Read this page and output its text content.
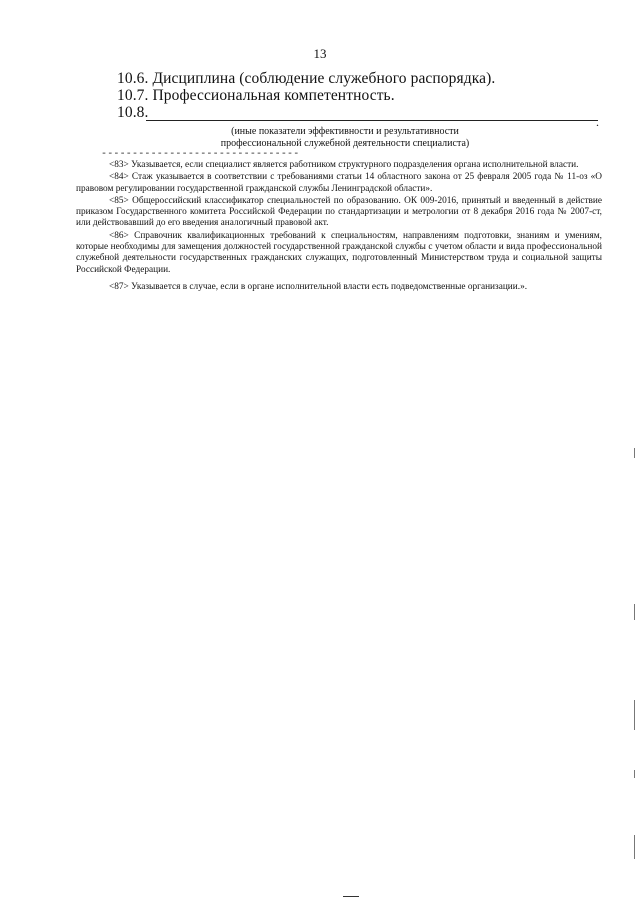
13
10.6. Дисциплина (соблюдение служебного распорядка).
10.7. Профессиональная компетентность.
10.8.
.
(иные показатели эффективности и результативности
профессиональной служебной деятельности специалиста)
--------------------------------

<83> Указывается, если специалист является работником структурного подразделения органа исполнительной власти.

<84> Стаж указывается в соответствии с требованиями статьи 14 областного закона от 25 февраля 2005 года № 11-оз «О правовом регулировании государственной гражданской службы Ленинградской области».

<85> Общероссийский классификатор специальностей по образованию. ОК 009-2016, принятый и введенный в действие приказом Государственного комитета Российской Федерации по стандартизации и метрологии от 8 декабря 2016 года № 2007-ст, или действовавший до его введения аналогичный правовой акт.

<86> Справочник квалификационных требований к специальностям, направлениям подготовки, знаниям и умениям, которые необходимы для замещения должностей государственной гражданской службы с учетом области и вида профессиональной служебной деятельности государственных гражданских служащих, подготовленный Министерством труда и социальной защиты Российской Федерации.

<87> Указывается в случае, если в органе исполнительной власти есть подведомственные организации.».
